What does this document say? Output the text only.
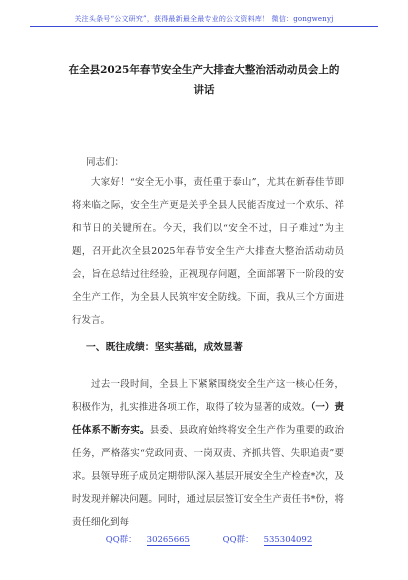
关注头条号“公文研究”，获得最新最全最专业的公文资料库！ 微信：gongwenyj
在全县2025年春节安全生产大排查大整治活动动员会上的
讲话
同志们：

大家好！“安全无小事，责任重于泰山”，尤其在新春佳节即将来临之际，安全生产更是关乎全县人民能否度过一个欢乐、祥和节日的关键所在。今天，我们以“安全不过，日子难过”为主题，召开此次全县2025年春节安全生产大排查大整治活动动员会，旨在总结过往经验，正视现存问题，全面部署下一阶段的安全生产工作，为全县人民筑牢安全防线。下面，我从三个方面进行发言。

一、既往成绩：坚实基础，成效显著
过去一段时间，全县上下紧紧围绕安全生产这一核心任务，积极作为，扎实推进各项工作，取得了较为显著的成效。（一）责任体系不断夯实。县委、县政府始终将安全生产作为重要的政治任务，严格落实“党政同责、一岗双责、齐抓共管、失职追责”要求。县领导班子成员定期带队深入基层开展安全生产检查*次，及时发现并解决问题。同时，通过层层签订安全生产责任书*份，将责任细化到每
QQ群： 30265665	QQ群： 535304092
